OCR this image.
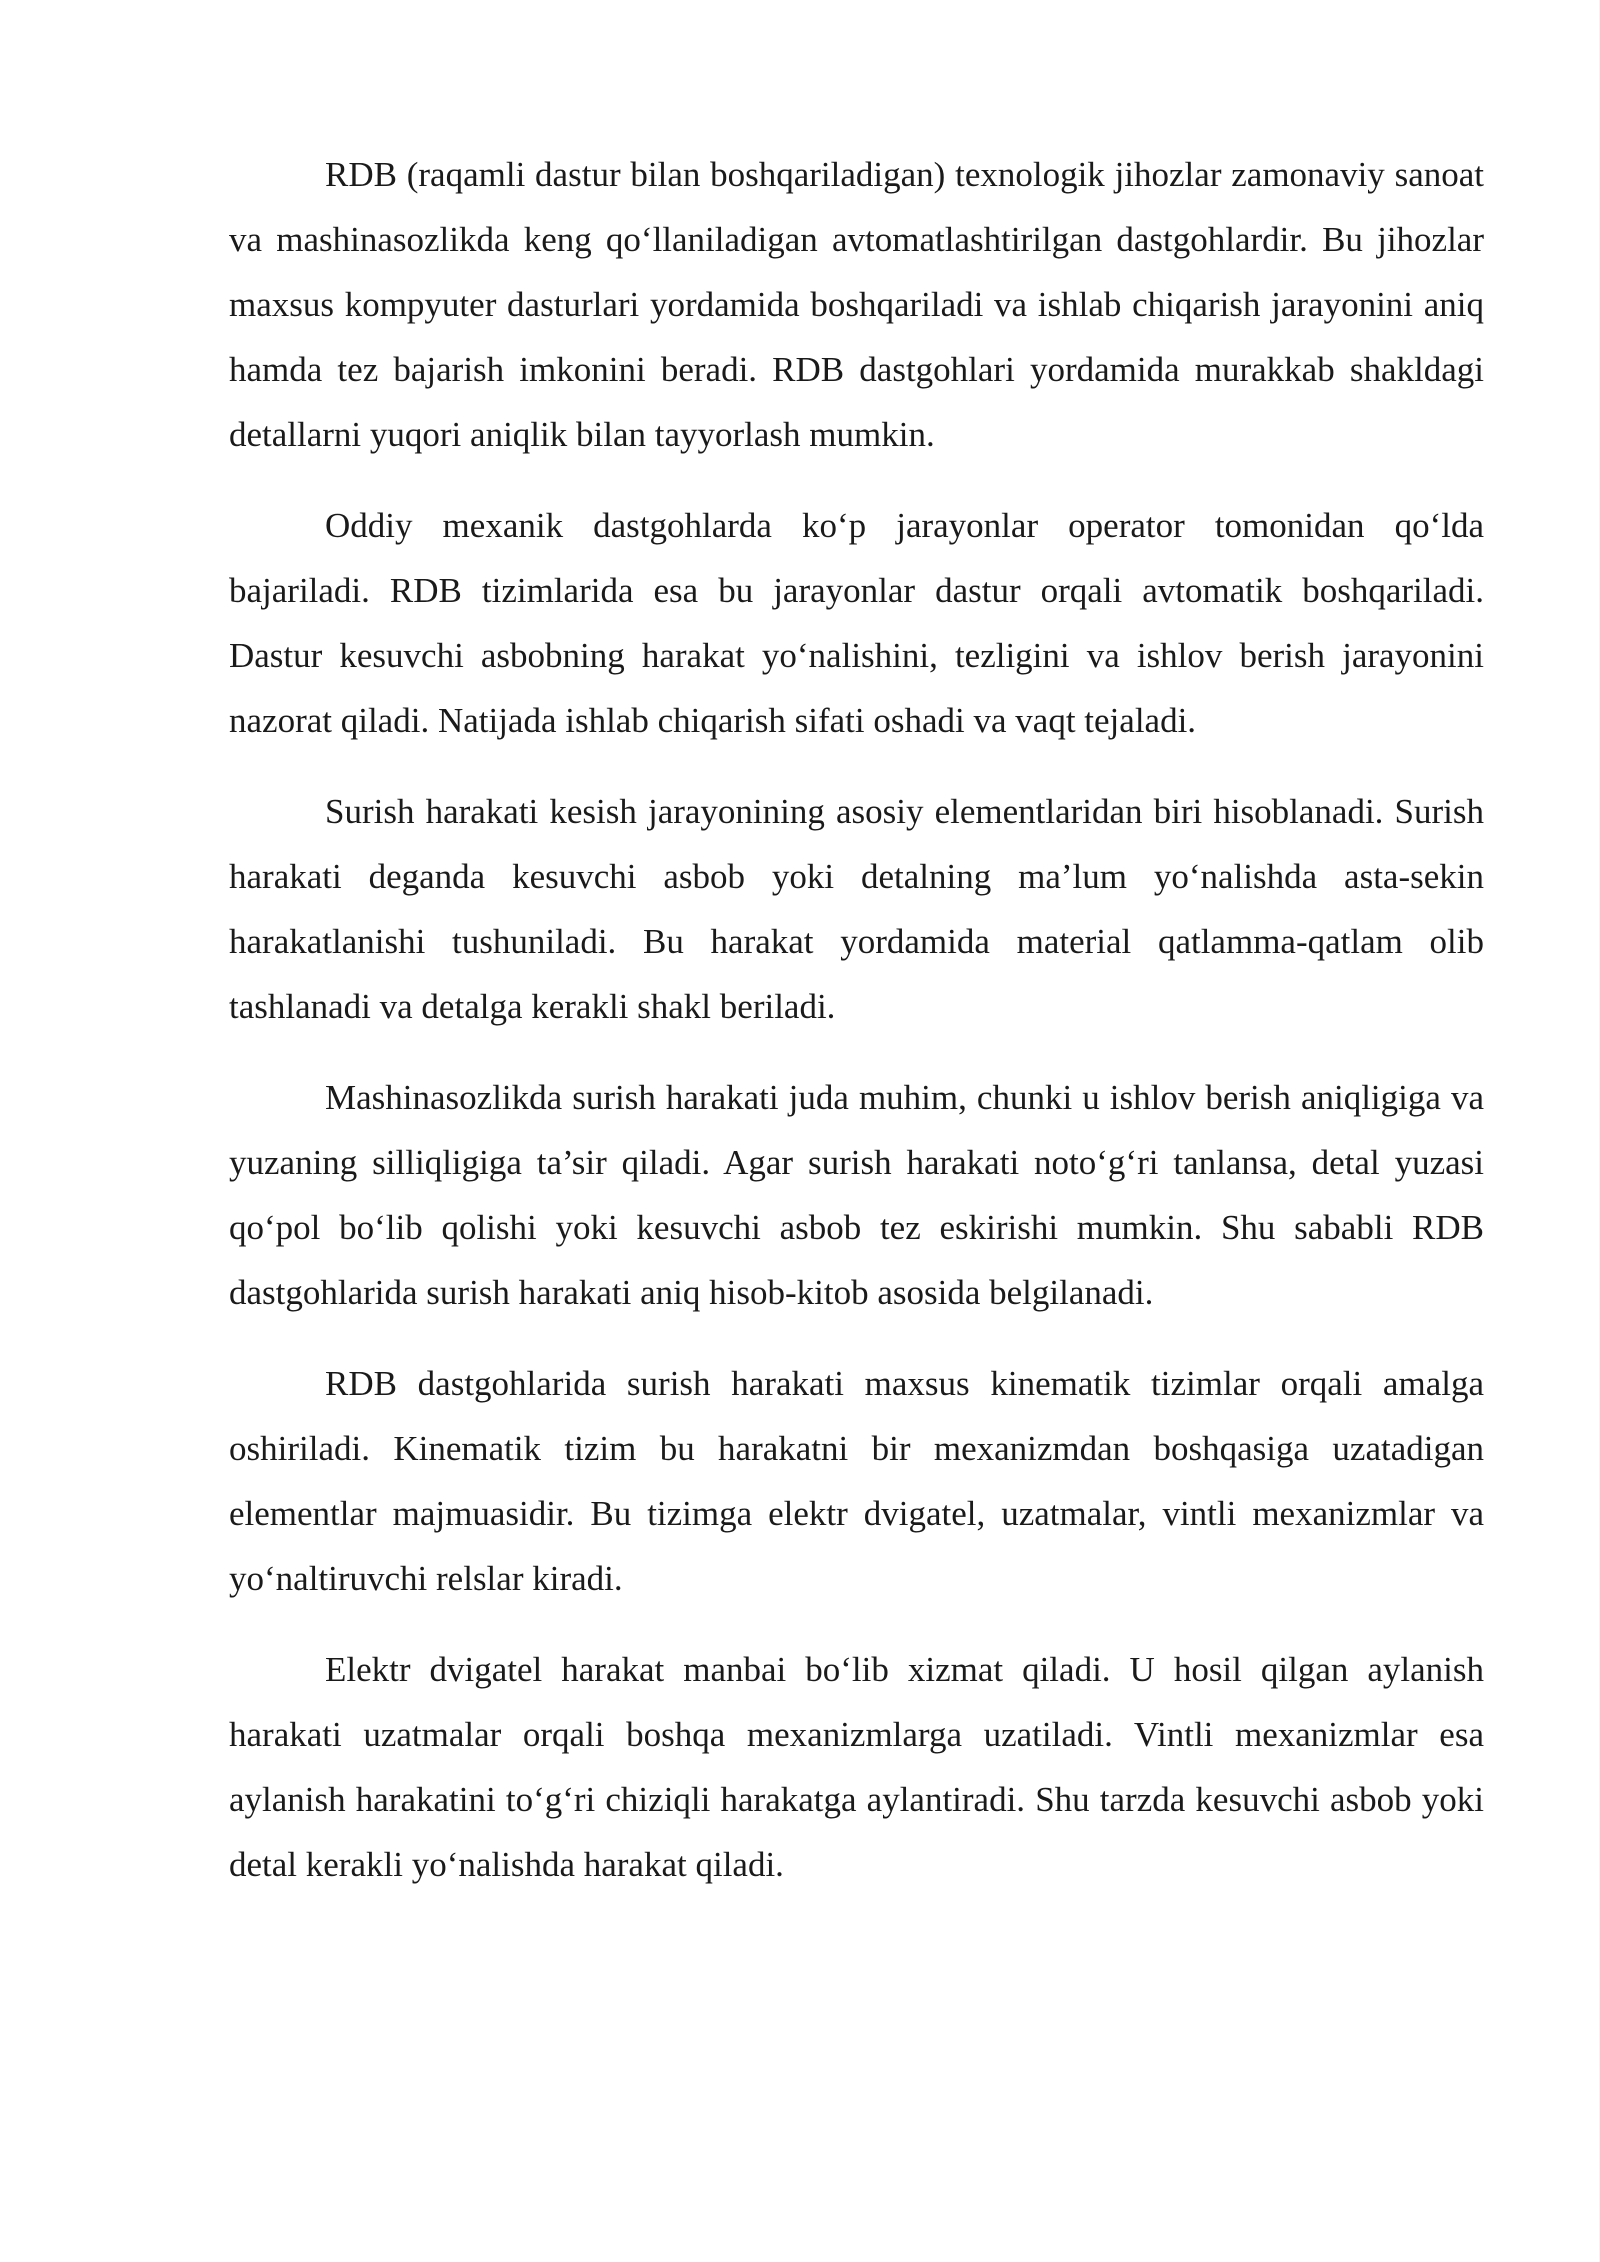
RDB (raqamli dastur bilan boshqariladigan) texnologik jihozlar zamonaviy sanoat va mashinasozlikda keng qo‘llaniladigan avtomatlashtirilgan dastgohlardir. Bu jihozlar maxsus kompyuter dasturlari yordamida boshqariladi va ishlab chiqarish jarayonini aniq hamda tez bajarish imkonini beradi. RDB dastgohlari yordamida murakkab shakldagi detallarni yuqori aniqlik bilan tayyorlash mumkin.

Oddiy mexanik dastgohlarda ko‘p jarayonlar operator tomonidan qo‘lda bajariladi. RDB tizimlarida esa bu jarayonlar dastur orqali avtomatik boshqariladi. Dastur kesuvchi asbobning harakat yo‘nalishini, tezligini va ishlov berish jarayonini nazorat qiladi. Natijada ishlab chiqarish sifati oshadi va vaqt tejaladi.

Surish harakati kesish jarayonining asosiy elementlaridan biri hisoblanadi. Surish harakati deganda kesuvchi asbob yoki detalning ma’lum yo‘nalishda asta-sekin harakatlanishi tushuniladi. Bu harakat yordamida material qatlamma-qatlam olib tashlanadi va detalga kerakli shakl beriladi.

Mashinasozlikda surish harakati juda muhim, chunki u ishlov berish aniqligiga va yuzaning silliqligiga ta’sir qiladi. Agar surish harakati noto‘g‘ri tanlansa, detal yuzasi qo‘pol bo‘lib qolishi yoki kesuvchi asbob tez eskirishi mumkin. Shu sababli RDB dastgohlarida surish harakati aniq hisob-kitob asosida belgilanadi.

RDB dastgohlarida surish harakati maxsus kinematik tizimlar orqali amalga oshiriladi. Kinematik tizim bu harakatni bir mexanizmdan boshqasiga uzatadigan elementlar majmuasidir. Bu tizimga elektr dvigatel, uzatmalar, vintli mexanizmlar va yo‘naltiruvchi relslar kiradi.

Elektr dvigatel harakat manbai bo‘lib xizmat qiladi. U hosil qilgan aylanish harakati uzatmalar orqali boshqa mexanizmlarga uzatiladi. Vintli mexanizmlar esa aylanish harakatini to‘g‘ri chiziqli harakatga aylantiradi. Shu tarzda kesuvchi asbob yoki detal kerakli yo‘nalishda harakat qiladi.
